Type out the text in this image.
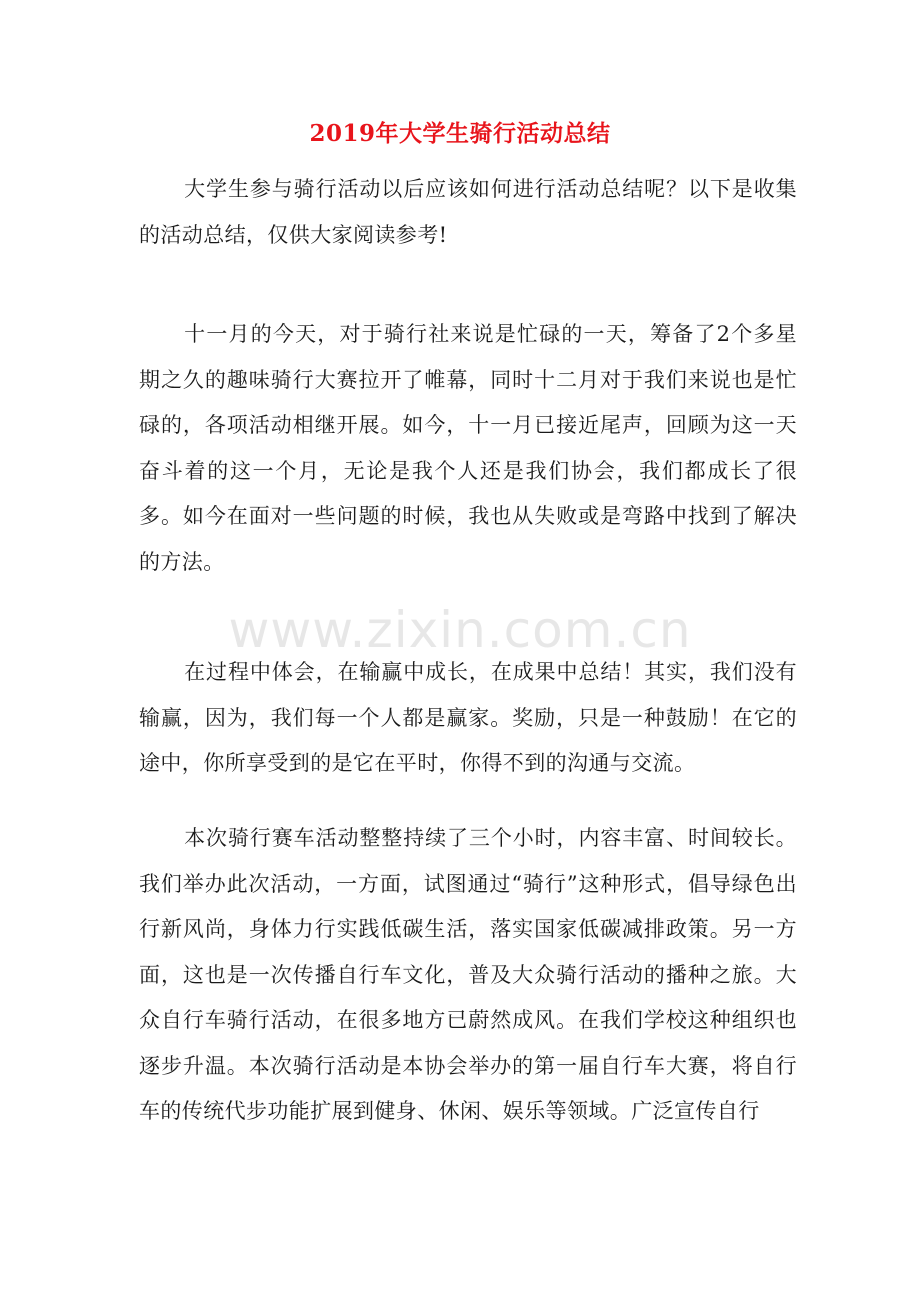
2019年大学生骑行活动总结

大学生参与骑行活动以后应该如何进行活动总结呢？以下是收集的活动总结，仅供大家阅读参考!

十一月的今天，对于骑行社来说是忙碌的一天，筹备了2个多星期之久的趣味骑行大赛拉开了帷幕，同时十二月对于我们来说也是忙碌的，各项活动相继开展。如今，十一月已接近尾声，回顾为这一天奋斗着的这一个月，无论是我个人还是我们协会，我们都成长了很多。如今在面对一些问题的时候，我也从失败或是弯路中找到了解决的方法。

在过程中体会，在输赢中成长，在成果中总结！其实，我们没有输赢，因为，我们每一个人都是赢家。奖励，只是一种鼓励！在它的途中，你所享受到的是它在平时，你得不到的沟通与交流。

本次骑行赛车活动整整持续了三个小时，内容丰富、时间较长。我们举办此次活动，一方面，试图通过“骑行”这种形式，倡导绿色出行新风尚，身体力行实践低碳生活，落实国家低碳减排政策。另一方面，这也是一次传播自行车文化，普及大众骑行活动的播种之旅。大众自行车骑行活动，在很多地方已蔚然成风。在我们学校这种组织也逐步升温。本次骑行活动是本协会举办的第一届自行车大赛，将自行车的传统代步功能扩展到健身、休闲、娱乐等领域。广泛宣传自行

www.zixin.com.cn
